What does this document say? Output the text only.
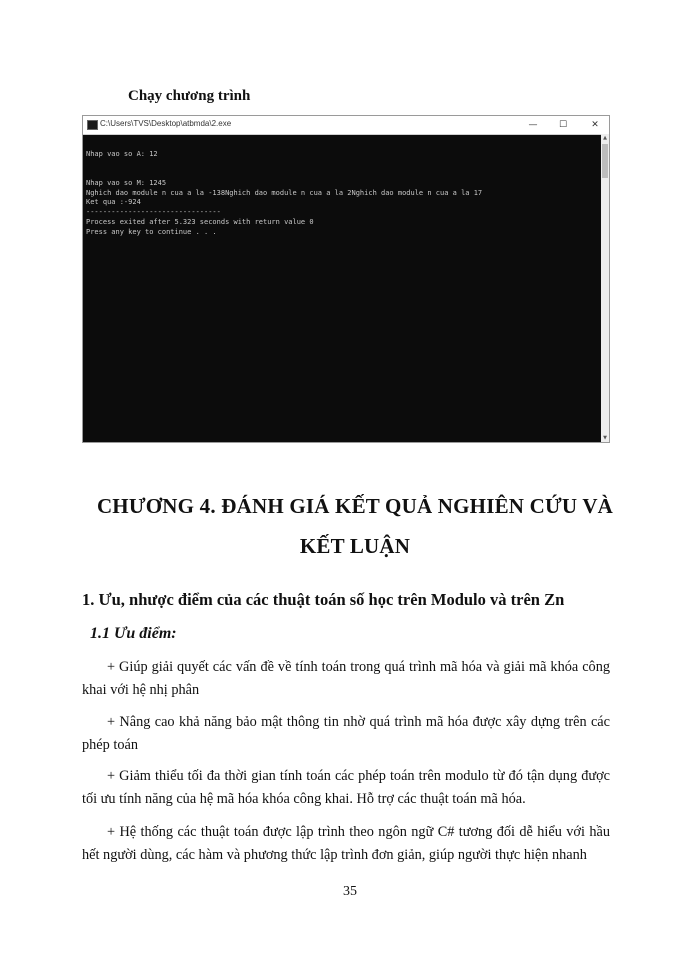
Chạy chương trình
C:\Users\TVS\Desktop\atbmda\2.exe	—	☐	✕
Nhap vao so A: 12
Nhap vao so M: 1245
Nghich dao module n cua a la -138Nghich dao module n cua a la 2Nghich dao module n cua a la 17
Ket qua :-924
--------------------------------
Process exited after 5.323 seconds with return value 0
Press any key to continue . . .
▲
▼
CHƯƠNG 4. ĐÁNH GIÁ KẾT QUẢ NGHIÊN CỨU VÀ
KẾT LUẬN
1. Ưu, nhược điểm của các thuật toán số học trên Modulo và trên Zn
1.1 Ưu điểm:
+ Giúp giải quyết các vấn đề về tính toán trong quá trình mã hóa và giải mã khóa công khai với hệ nhị phân
+ Nâng cao khả năng bảo mật thông tin nhờ quá trình mã hóa được xây dựng trên các phép toán
+ Giảm thiểu tối đa thời gian tính toán các phép toán trên modulo từ đó tận dụng được tối ưu tính năng của hệ mã hóa khóa công khai. Hỗ trợ các thuật toán mã hóa.
+ Hệ thống các thuật toán được lập trình theo ngôn ngữ C# tương đối dễ hiểu với hầu hết người dùng, các hàm và phương thức lập trình đơn giản, giúp người thực hiện nhanh
35
